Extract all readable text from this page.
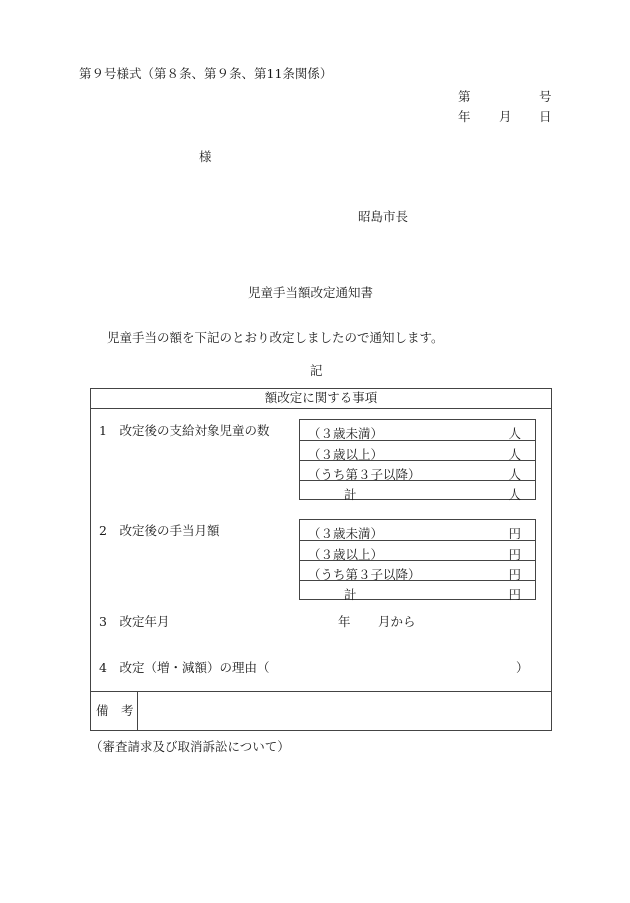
第９号様式（第８条、第９条、第11条関係）
第	号
年 月 日
様
昭島市長
児童手当額改定通知書
児童手当の額を下記のとおり改定しましたので通知します。
記
額改定に関する事項
1　改定後の支給対象児童の数	（３歳未満）	人
（３歳以上）	人
（うち第３子以降）	人
計	人
2　改定後の手当月額	（３歳未満）	円
（３歳以上）	円
（うち第３子以降）	円
計	円
3　改定年月	年 月から
4　改定（増・減額）の理由（	）
備　考
（審査請求及び取消訴訟について）
